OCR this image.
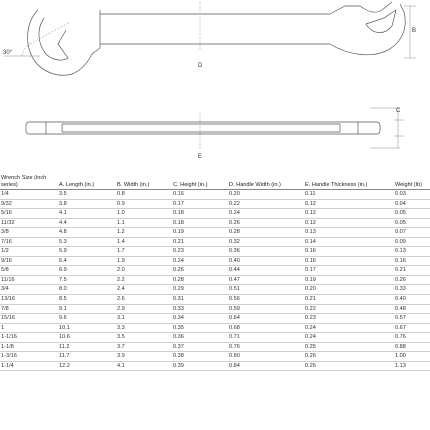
30°
B
C
D
E
Wrench Size (inch series)	A. Length (in.)	B. Width (in.)	C. Height (in.)	D. Handle Width (in.)	E. Handle Thickness (in.)	Weight (lb)
1/4	3.5	0.8	0.16	0.20	0.11	0.03
9/32	3.8	0.9	0.17	0.22	0.12	0.04
5/16	4.1	1.0	0.18	0.24	0.12	0.05
11/32	4.4	1.1	0.18	0.26	0.12	0.05
3/8	4.8	1.2	0.19	0.28	0.13	0.07
7/16	5.3	1.4	0.21	0.32	0.14	0.09
1/2	5.9	1.7	0.23	0.36	0.16	0.13
9/16	6.4	1.9	0.24	0.40	0.16	0.16
5/8	6.9	2.0	0.26	0.44	0.17	0.21
11/16	7.5	2.2	0.28	0.47	0.19	0.26
3/4	8.0	2.4	0.29	0.51	0.20	0.33
13/16	8.5	2.6	0.31	0.56	0.21	0.40
7/8	9.1	2.9	0.33	0.59	0.22	0.48
15/16	9.6	3.1	0.34	0.64	0.23	0.57
1	10.1	3.3	0.35	0.68	0.24	0.67
1-1/16	10.6	3.5	0.36	0.71	0.24	0.76
1-1/8	11.2	3.7	0.37	0.76	0.25	0.88
1-3/16	11.7	3.9	0.38	0.80	0.26	1.00
1-1/4	12.2	4.1	0.39	0.84	0.26	1.13
